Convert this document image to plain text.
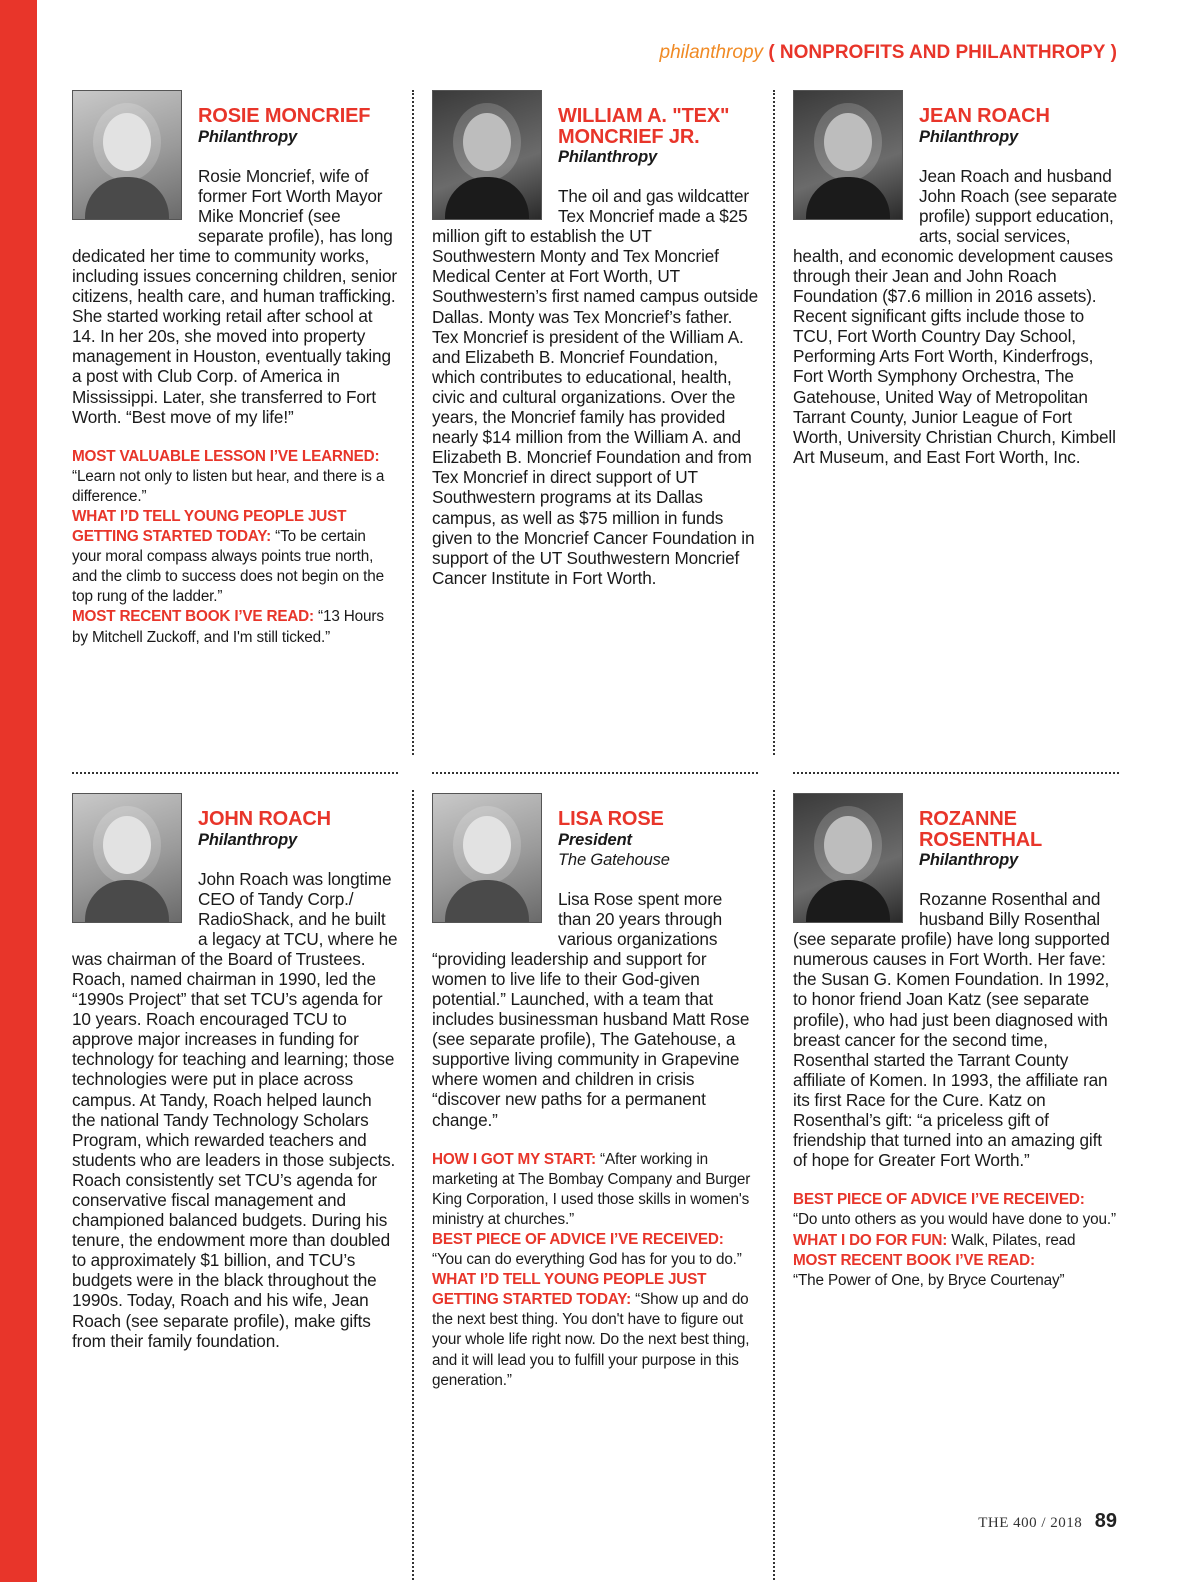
philanthropy ( NONPROFITS AND PHILANTHROPY )
ROSIE MONCRIEF
Philanthropy
Rosie Moncrief, wife of former Fort Worth Mayor Mike Moncrief (see separate profile), has long dedicated her time to community works, including issues concerning children, senior citizens, health care, and human trafficking. She started working retail after school at 14. In her 20s, she moved into property management in Houston, eventually taking a post with Club Corp. of America in Mississippi. Later, she transferred to Fort Worth. “Best move of my life!”

MOST VALUABLE LESSON I’VE LEARNED:
“Learn not only to listen but hear, and there is a difference.”

WHAT I’D TELL YOUNG PEOPLE JUST GETTING STARTED TODAY: “To be certain your moral compass always points true north, and the climb to success does not begin on the top rung of the ladder.”

MOST RECENT BOOK I’VE READ: “13 Hours by Mitchell Zuckoff, and I'm still ticked.”

WILLIAM A. "TEX" MONCRIEF JR.
Philanthropy
The oil and gas wildcatter Tex Moncrief made a $25 million gift to establish the UT Southwestern Monty and Tex Moncrief Medical Center at Fort Worth, UT Southwestern’s first named campus outside Dallas. Monty was Tex Moncrief’s father. Tex Moncrief is president of the William A. and Elizabeth B. Moncrief Foundation, which contributes to educational, health, civic and cultural organizations. Over the years, the Moncrief family has provided nearly $14 million from the William A. and Elizabeth B. Moncrief Foundation and from Tex Moncrief in direct support of UT Southwestern programs at its Dallas campus, as well as $75 million in funds given to the Moncrief Cancer Foundation in support of the UT Southwestern Moncrief Cancer Institute in Fort Worth.
JEAN ROACH
Philanthropy
Jean Roach and husband John Roach (see separate profile) support education, arts, social services, health, and economic development causes through their Jean and John Roach Foundation ($7.6 million in 2016 assets). Recent significant gifts include those to TCU, Fort Worth Country Day School, Performing Arts Fort Worth, Kinderfrogs, Fort Worth Symphony Orchestra, The Gatehouse, United Way of Metropolitan Tarrant County, Junior League of Fort Worth, University Christian Church, Kimbell Art Museum, and East Fort Worth, Inc.
JOHN ROACH
Philanthropy
John Roach was longtime CEO of Tandy Corp./ RadioShack, and he built a legacy at TCU, where he was chairman of the Board of Trustees. Roach, named chairman in 1990, led the “1990s Project” that set TCU’s agenda for 10 years. Roach encouraged TCU to approve major increases in funding for technology for teaching and learning; those technologies were put in place across campus. At Tandy, Roach helped launch the national Tandy Technology Scholars Program, which rewarded teachers and students who are leaders in those subjects. Roach consistently set TCU’s agenda for conservative fiscal management and championed balanced budgets. During his tenure, the endowment more than doubled to approximately $1 billion, and TCU’s budgets were in the black throughout the 1990s. Today, Roach and his wife, Jean Roach (see separate profile), make gifts from their family foundation.
LISA ROSE
President
The Gatehouse
Lisa Rose spent more than 20 years through various organizations “providing leadership and support for women to live life to their God-given potential.” Launched, with a team that includes businessman husband Matt Rose (see separate profile), The Gatehouse, a supportive living community in Grapevine where women and children in crisis “discover new paths for a permanent change.”

HOW I GOT MY START: “After working in marketing at The Bombay Company and Burger King Corporation, I used those skills in women's ministry at churches.”

BEST PIECE OF ADVICE I’VE RECEIVED:
“You can do everything God has for you to do.”

WHAT I’D TELL YOUNG PEOPLE JUST GETTING STARTED TODAY: “Show up and do the next best thing. You don't have to figure out your whole life right now. Do the next best thing, and it will lead you to fulfill your purpose in this generation.”

ROZANNE ROSENTHAL
Philanthropy
Rozanne Rosenthal and husband Billy Rosenthal (see separate profile) have long supported numerous causes in Fort Worth. Her fave: the Susan G. Komen Foundation. In 1992, to honor friend Joan Katz (see separate profile), who had just been diagnosed with breast cancer for the second time, Rosenthal started the Tarrant County affiliate of Komen. In 1993, the affiliate ran its first Race for the Cure. Katz on Rosenthal’s gift: “a priceless gift of friendship that turned into an amazing gift of hope for Greater Fort Worth.”

BEST PIECE OF ADVICE I’VE RECEIVED:
“Do unto others as you would have done to you.”

WHAT I DO FOR FUN: Walk, Pilates, read

MOST RECENT BOOK I’VE READ:
“The Power of One, by Bryce Courtenay”

THE 400 / 2018 89
